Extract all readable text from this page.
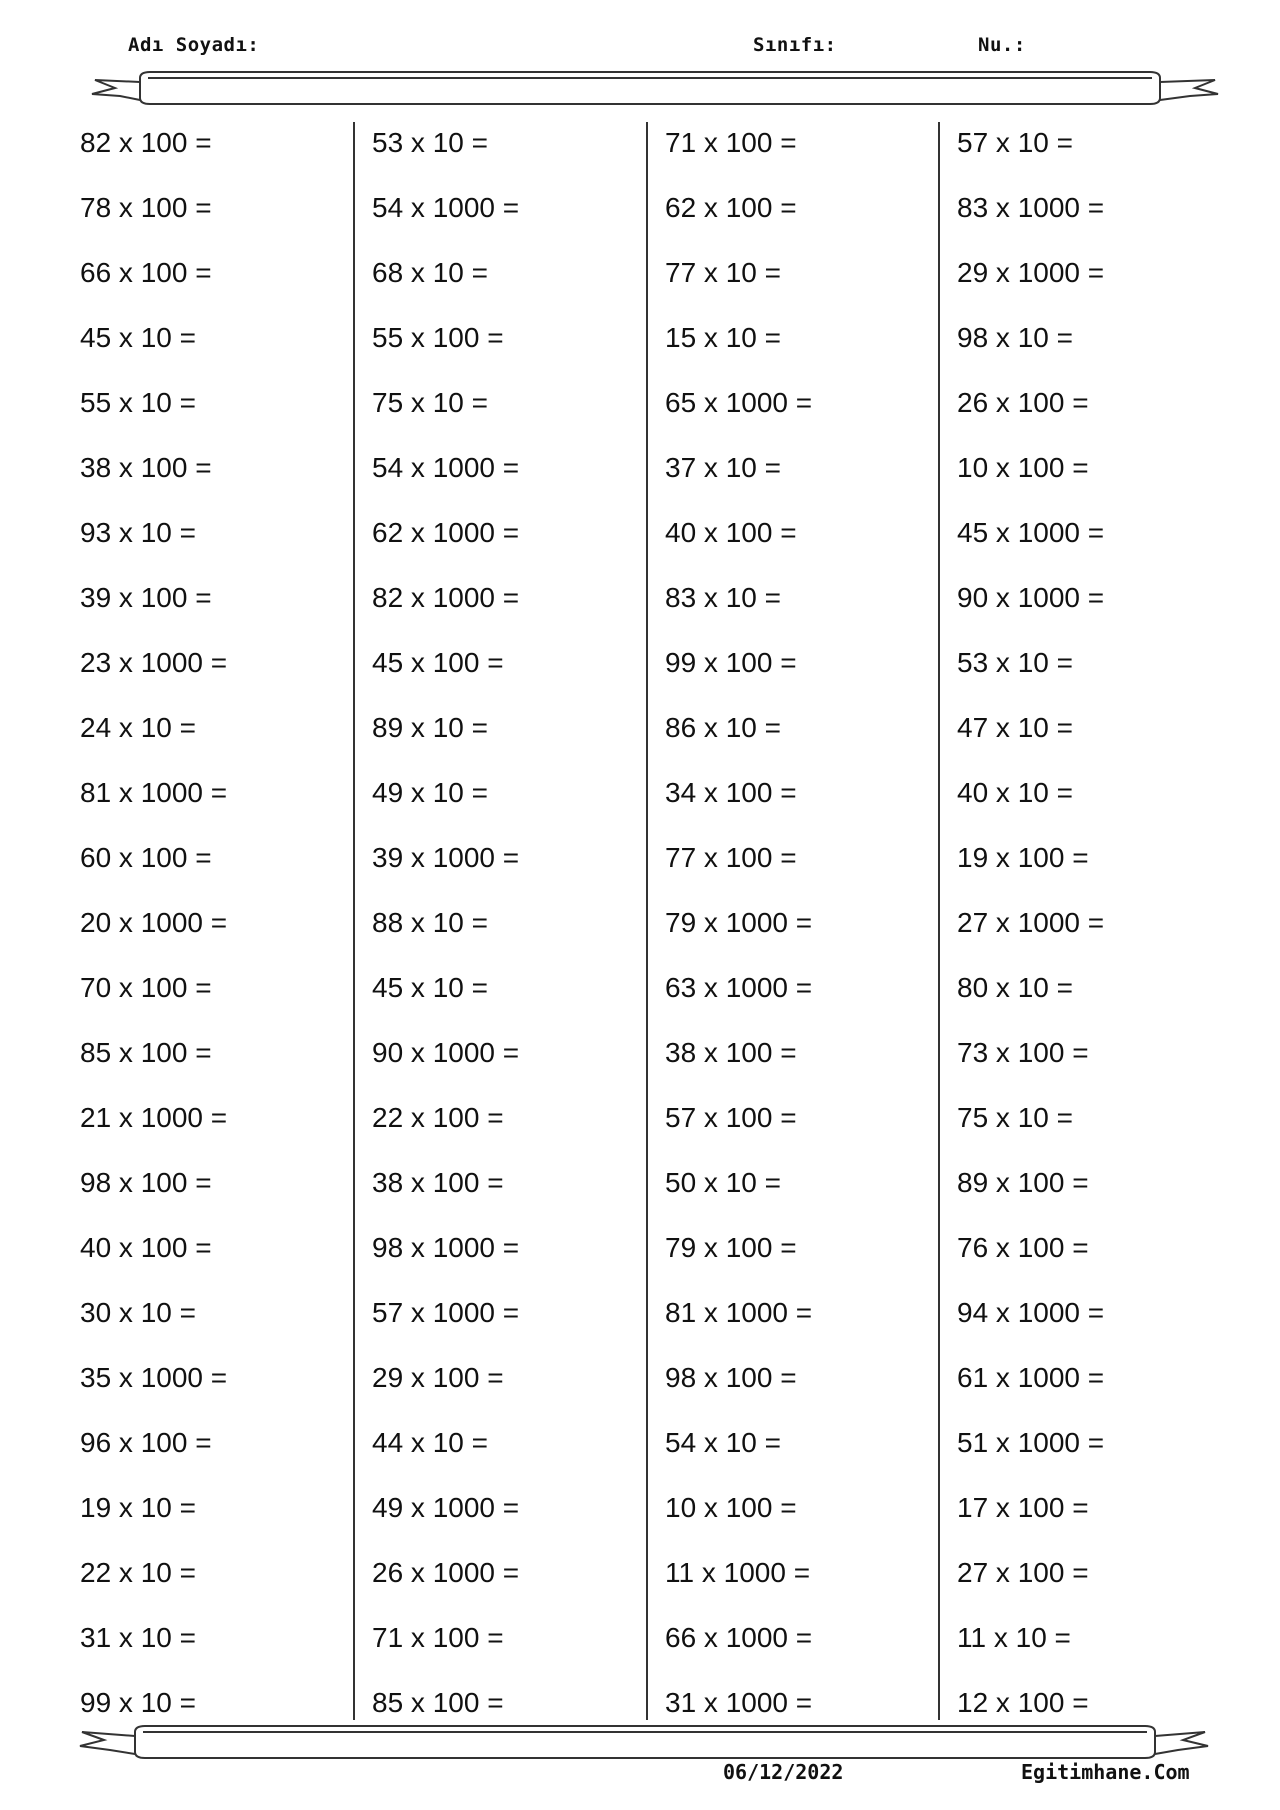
Adı Soyadı:	Sınıfı:	Nu.:
82 x 100 =
78 x 100 =
66 x 100 =
45 x 10 =
55 x 10 =
38 x 100 =
93 x 10 =
39 x 100 =
23 x 1000 =
24 x 10 =
81 x 1000 =
60 x 100 =
20 x 1000 =
70 x 100 =
85 x 100 =
21 x 1000 =
98 x 100 =
40 x 100 =
30 x 10 =
35 x 1000 =
96 x 100 =
19 x 10 =
22 x 10 =
31 x 10 =
99 x 10 =
53 x 10 =
54 x 1000 =
68 x 10 =
55 x 100 =
75 x 10 =
54 x 1000 =
62 x 1000 =
82 x 1000 =
45 x 100 =
89 x 10 =
49 x 10 =
39 x 1000 =
88 x 10 =
45 x 10 =
90 x 1000 =
22 x 100 =
38 x 100 =
98 x 1000 =
57 x 1000 =
29 x 100 =
44 x 10 =
49 x 1000 =
26 x 1000 =
71 x 100 =
85 x 100 =
71 x 100 =
62 x 100 =
77 x 10 =
15 x 10 =
65 x 1000 =
37 x 10 =
40 x 100 =
83 x 10 =
99 x 100 =
86 x 10 =
34 x 100 =
77 x 100 =
79 x 1000 =
63 x 1000 =
38 x 100 =
57 x 100 =
50 x 10 =
79 x 100 =
81 x 1000 =
98 x 100 =
54 x 10 =
10 x 100 =
11 x 1000 =
66 x 1000 =
31 x 1000 =
57 x 10 =
83 x 1000 =
29 x 1000 =
98 x 10 =
26 x 100 =
10 x 100 =
45 x 1000 =
90 x 1000 =
53 x 10 =
47 x 10 =
40 x 10 =
19 x 100 =
27 x 1000 =
80 x 10 =
73 x 100 =
75 x 10 =
89 x 100 =
76 x 100 =
94 x 1000 =
61 x 1000 =
51 x 1000 =
17 x 100 =
27 x 100 =
11 x 10 =
12 x 100 =
06/12/2022	Egitimhane.Com
